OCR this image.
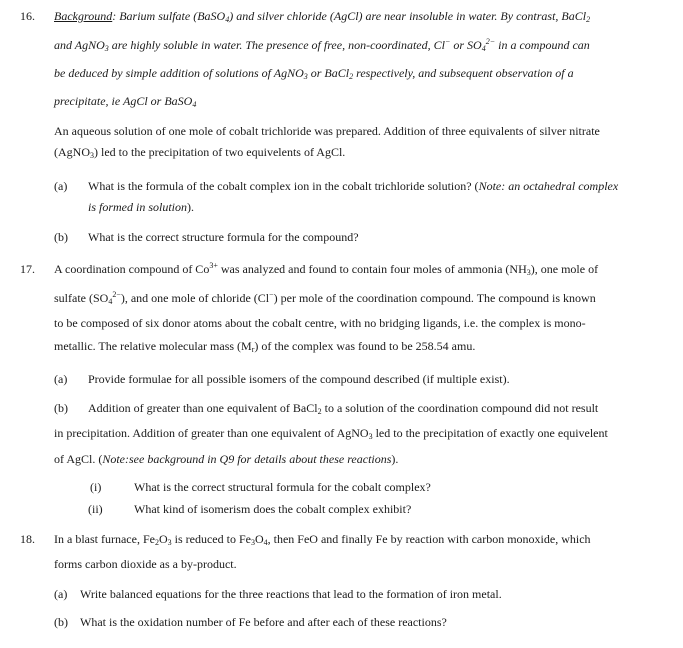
16. Background: Barium sulfate (BaSO$_4$) and silver chloride (AgCl) are near insoluble in water. By contrast, BaCl$_2$
and AgNO$_3$ are highly soluble in water. The presence of free, non-coordinated, Cl− or $SO_4^{2-}$ in a compound can
be deduced by simple addition of solutions of AgNO$_3$ or BaCl$_2$ respectively, and subsequent observation of a
precipitate, ie AgCl or BaSO$_4$
An aqueous solution of one mole of cobalt trichloride was prepared. Addition of three equivalents of silver nitrate
(AgNO$_3$) led to the precipitation of two equivelents of AgCl.
(a) What is the formula of the cobalt complex ion in the cobalt trichloride solution? (Note: an octahedral complex
is formed in solution).
(b) What is the correct structure formula for the compound?
17. A coordination compound of $Co^{3+}$ was analyzed and found to contain four moles of ammonia $(NH_3)$, one mole of
sulfate $(SO_4^{2-})$, and one mole of chloride (Cl−) per mole of the coordination compound. The compound is known
to be composed of six donor atoms about the cobalt centre, with no bridging ligands, i.e. the complex is mono-
metallic. The relative molecular mass $(M_r)$ of the complex was found to be 258.54 amu.
(a) Provide formulae for all possible isomers of the compound described (if multiple exist).
(b) Addition of greater than one equivalent of BaCl$_2$ to a solution of the coordination compound did not result
in precipitation. Addition of greater than one equivalent of AgNO$_3$ led to the precipitation of exactly one equivelent
of AgCl. (Note:see background in Q9 for details about these reactions).
(i)	What is the correct structural formula for the cobalt complex?
(ii)	What kind of isomerism does the cobalt complex exhibit?
18. In a blast furnace, $Fe_2O_3$ is reduced to $Fe_3O_4$, then FeO and finally Fe by reaction with carbon monoxide, which
forms carbon dioxide as a by-product.
(a) Write balanced equations for the three reactions that lead to the formation of iron metal.
(b) What is the oxidation number of Fe before and after each of these reactions?
